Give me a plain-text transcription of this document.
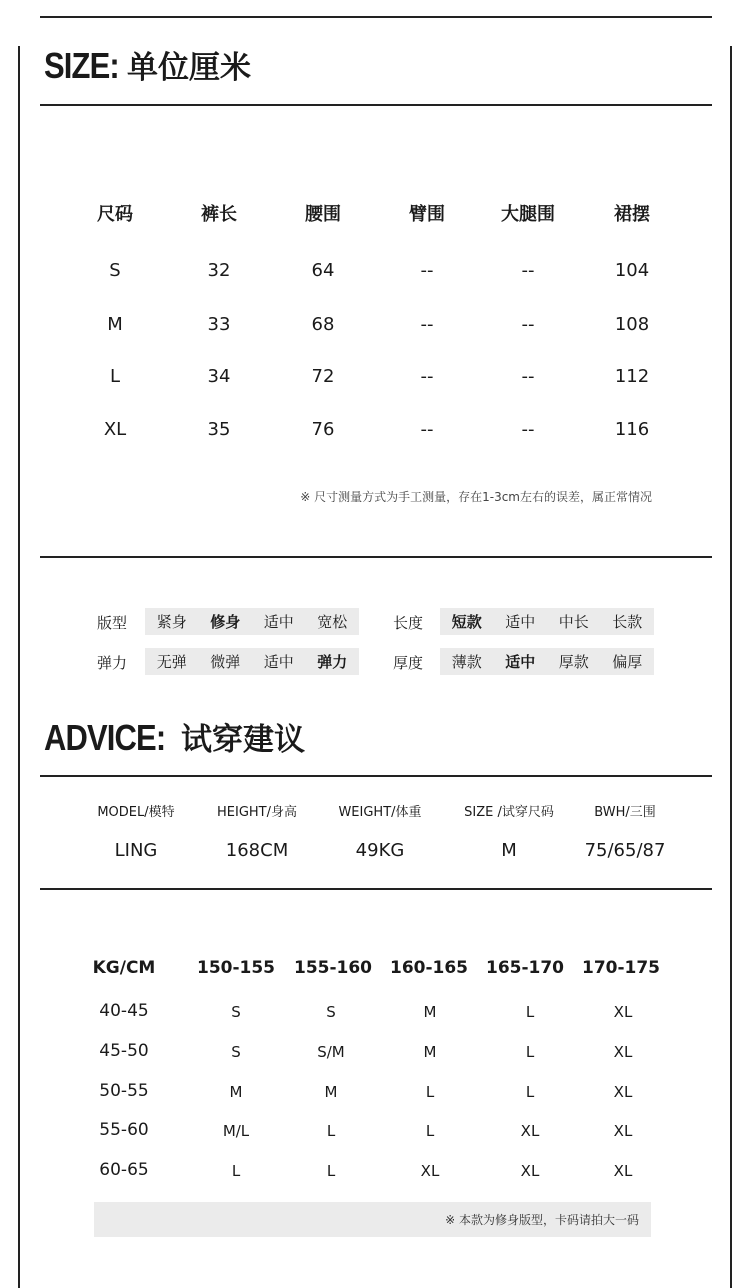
SIZE: 单位厘米
尺码	裤长	腰围	臂围	大腿围	裙摆
S	32	64	--	--	104
M	33	68	--	--	108
L	34	72	--	--	112
XL	35	76	--	--	116
※ 尺寸测量方式为手工测量，存在1-3cm左右的误差，属正常情况
版型 紧身 修身 适中 宽松	长度 短款 适中 中长 长款
弹力 无弹 微弹 适中 弹力	厚度 薄款 适中 厚款 偏厚
ADVICE: 试穿建议
MODEL/模特	HEIGHT/身高	WEIGHT/体重	SIZE /试穿尺码	BWH/三围
LING	168CM	49KG	M	75/65/87
KG/CM	150-155	155-160	160-165	165-170	170-175
40-45	S	S	M	L	XL
45-50	S	S/M	M	L	XL
50-55	M	M	L	L	XL
55-60	M/L	L	L	XL	XL
60-65	L	L	XL	XL	XL
※ 本款为修身版型，卡码请拍大一码
